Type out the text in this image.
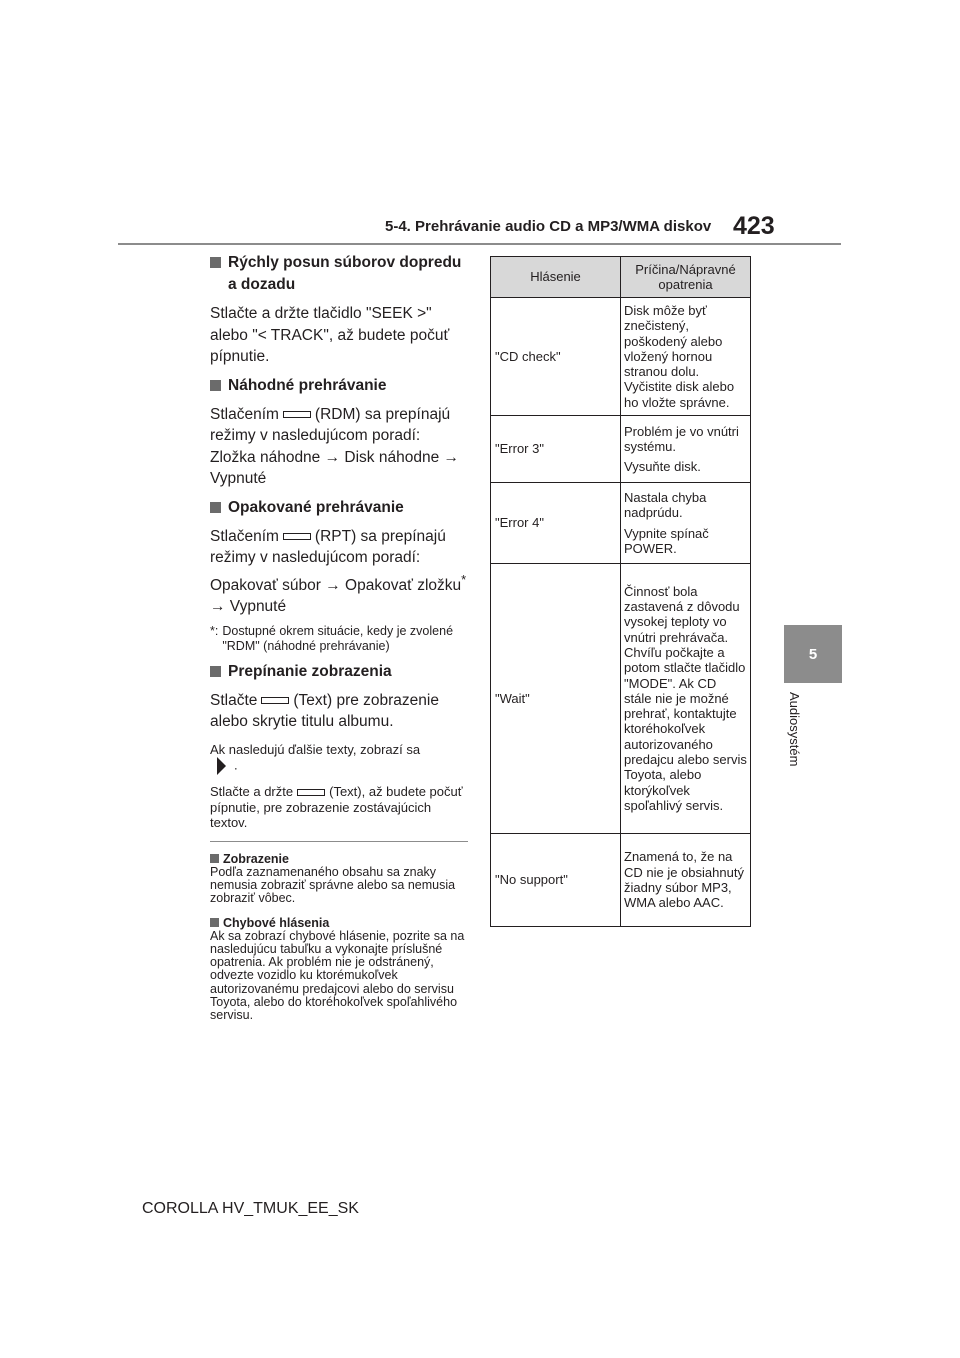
5-4. Prehrávanie audio CD a MP3/WMA diskov 423
5
Audiosystém
Rýchly posun súborov dopredu a dozadu
Stlačte a držte tlačidlo "SEEK >" alebo "< TRACK", až budete počuť pípnutie.
Náhodné prehrávanie
Stlačením (RDM) sa prepínajú režimy v nasledujúcom poradí:
Zložka náhodne → Disk náhodne → Vypnuté
Opakované prehrávanie
Stlačením (RPT) sa prepínajú režimy v nasledujúcom poradí:
Opakovať súbor → Opakovať zložku*
→ Vypnuté
*: Dostupné okrem situácie, kedy je zvolené "RDM" (náhodné prehrávanie)
Prepínanie zobrazenia
Stlačte (Text) pre zobrazenie alebo skrytie titulu albumu.
Ak nasledujú ďalšie texty, zobrazí sa
.
Stlačte a držte	(Text), až budete počuť pípnutie, pre zobrazenie zostávajúcich textov.
Zobrazenie
Podľa zaznamenaného obsahu sa znaky nemusia zobraziť správne alebo sa nemusia zobraziť vôbec.
Chybové hlásenia
Ak sa zobrazí chybové hlásenie, pozrite sa na nasledujúcu tabuľku a vykonajte príslušné opatrenia. Ak problém nie je odstránený, odvezte vozidlo ku ktorémukoľvek autorizovanému predajcovi alebo do servisu Toyota, alebo do ktoréhokoľvek spoľahlivého servisu.
Hlásenie	Príčina/Nápravné opatrenia
"CD check"	Disk môže byť znečistený, poškodený alebo vložený hornou stranou dolu. Vyčistite disk alebo ho vložte správne.

"Error 3"	Problém je vo vnútri systému.

Vysuňte disk.

"Error 4"	Nastala chyba nadprúdu.

Vypnite spínač POWER.

"Wait"	Činnosť bola zastavená z dôvodu vysokej teploty vo vnútri prehrávača. Chvíľu počkajte a potom stlačte tlačidlo "MODE". Ak CD stále nie je možné prehrať, kontaktujte ktoréhokoľvek autorizovaného predajcu alebo servis Toyota, alebo ktorýkoľvek spoľahlivý servis.

"No support"	Znamená to, že na CD nie je obsiahnutý žiadny súbor MP3, WMA alebo AAC.

COROLLA HV_TMUK_EE_SK
